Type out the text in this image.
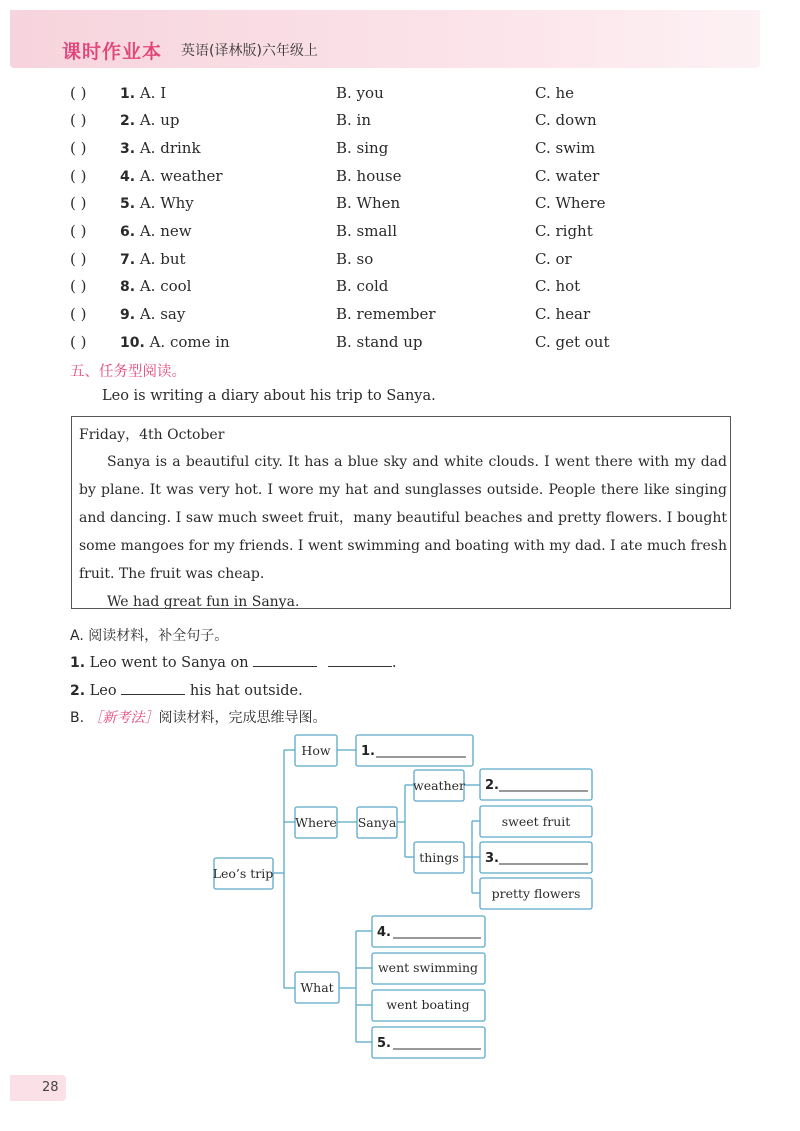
课时作业本 英语(译林版)六年级上
( ) 1. A. I	B. you	C. he
( ) 2. A. up	B. in	C. down
( ) 3. A. drink	B. sing	C. swim
( ) 4. A. weather	B. house	C. water
( ) 5. A. Why	B. When	C. Where
( ) 6. A. new	B. small	C. right
( ) 7. A. but	B. so	C. or
( ) 8. A. cool	B. cold	C. hot
( ) 9. A. say	B. remember	C. hear
( ) 10. A. come in	B. stand up	C. get out
五、任务型阅读。
Leo is writing a diary about his trip to Sanya.
Friday，4th October

Sanya is a beautiful city. It has a blue sky and white clouds. I went there with my dad by plane. It was very hot. I wore my hat and sunglasses outside. People there like singing and dancing. I saw much sweet fruit，many beautiful beaches and pretty flowers. I bought some mangoes for my friends. I went swimming and boating with my dad. I ate much fresh fruit. The fruit was cheap.

We had great fun in Sanya.

A. 阅读材料，补全句子。
1. Leo went to Sanya on	.
2. Leo	his hat outside.
B. ［新考法］阅读材料，完成思维导图。
Leo’s trip
How
Where
What
Sanya
weather
things
sweet fruit
pretty flowers
went swimming
went boating
1.
2.
3.
4.
5.
28
